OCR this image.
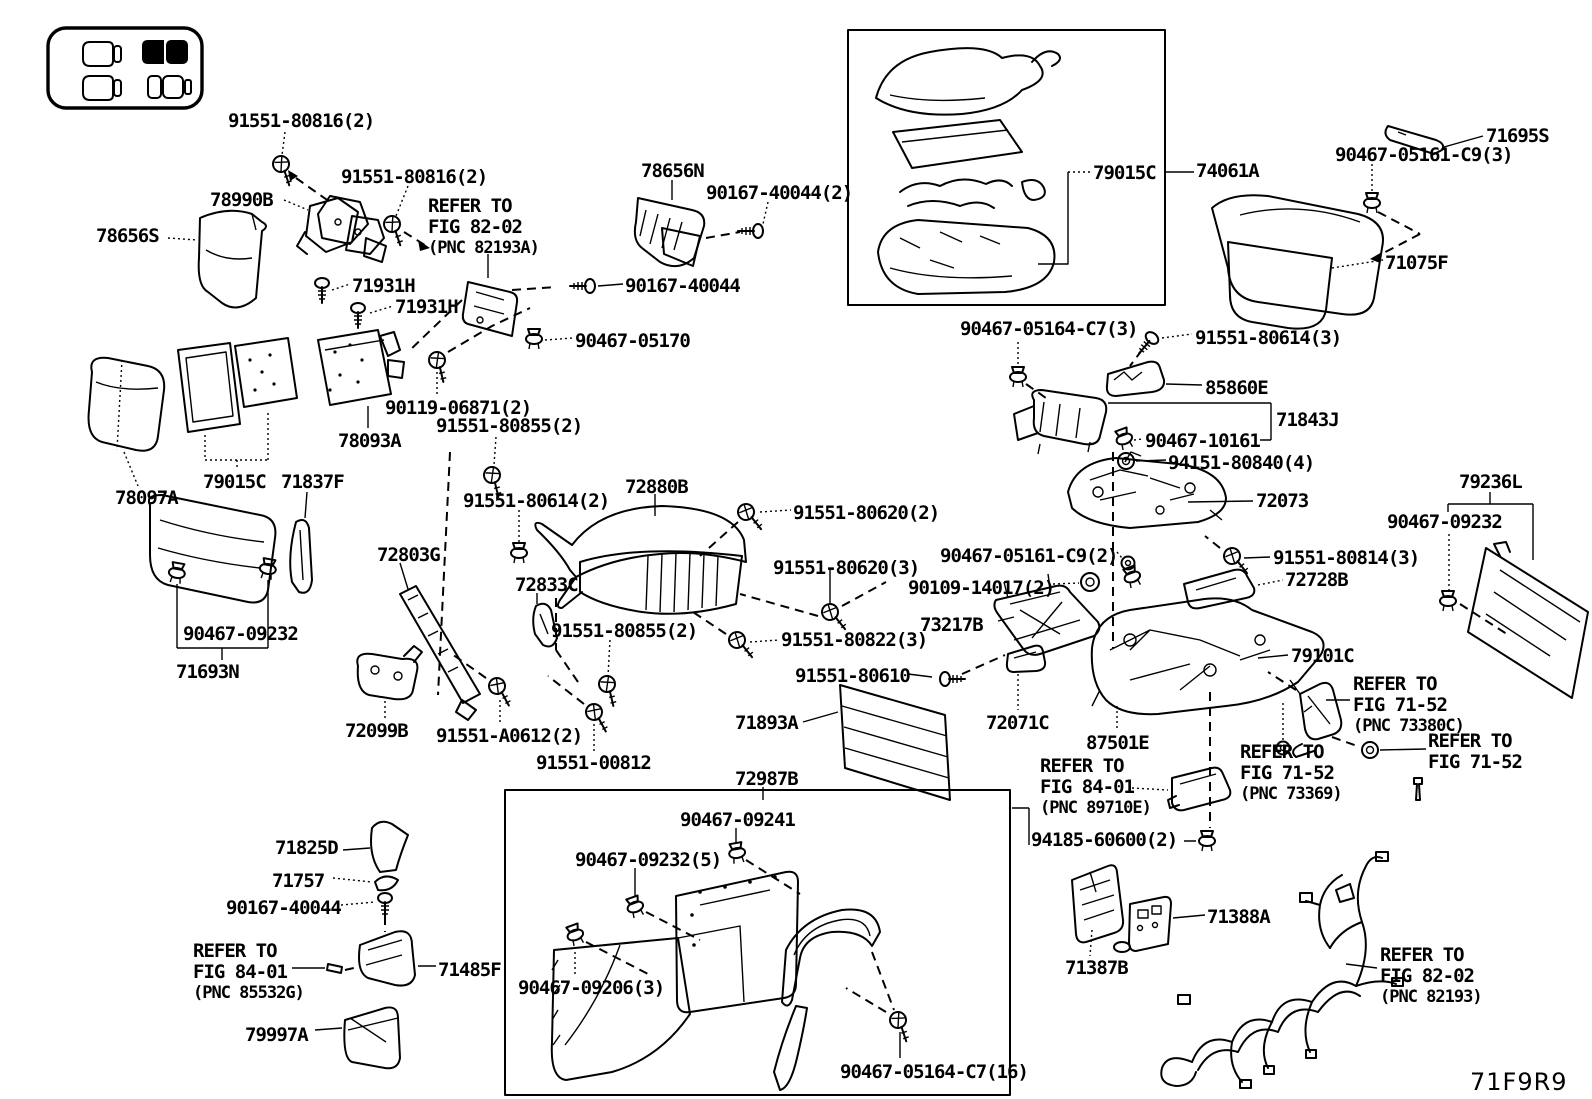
91551-80816(2)
91551-80816(2)
78990B
78656S
78656N
90167-40044(2)
71931H
71931H
90167-40044
90467-05170
79015C 74061A
71695S
90467-05161-C9(3)
71075F
90467-05164-C7(3)	91551-80614(3)
85860E
71843J
90467-10161
94151-80840(4)
72073
79236L
90467-09232
91551-80814(3)
72728B
90467-05161-C9(2)
90109-14017(2)
73217B
79101C
87501E
94185-60600(2)
72071C
78097A
79015C 71837F
78093A
90119-06871(2)
91551-80855(2)
91551-80614(2)
72880B
72803G
72833C
91551-80620(2)
91551-80620(3)
91551-80822(3)
91551-80855(2)
91551-80610
71893A
90467-09232
71693N
72099B 91551-A0612(2)
91551-00812
71825D
71757
90167-40044
71485F
79997A
72987B
90467-09241
90467-09232(5)
90467-09206(3)
90467-05164-C7(16)
71388A
71387B
REFER TO
FIG 82-02
(PNC 82193A)
REFER TO
FIG 71-52
(PNC 73380C)
REFER TO
FIG 71-52
REFER TO
FIG 71-52
(PNC 73369)
REFER TO
FIG 84-01
(PNC 89710E)
REFER TO
FIG 84-01
(PNC 85532G)
REFER TO
FIG 82-02
(PNC 82193)
71F9R9
